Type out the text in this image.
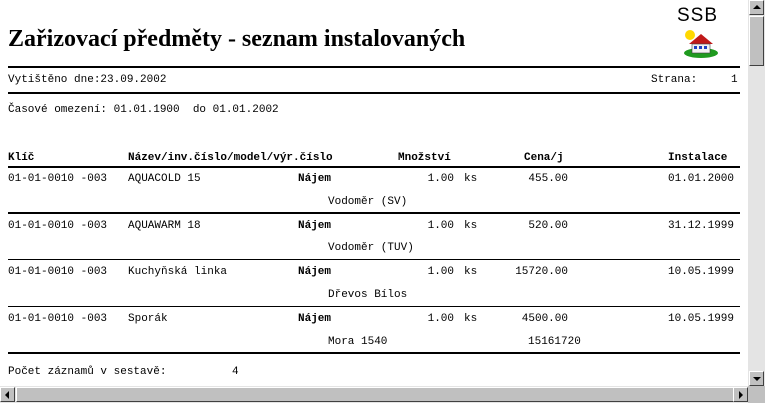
SSB
Zařizovací předměty - seznam instalovaných
Vytištěno dne:23.09.2002	Strana:	1
Časové omezení: 01.01.1900  do 01.01.2002
Klíč	Název/inv.číslo/model/výr.číslo	Množství	Cena/j	Instalace
01-01-0010 -003 AQUACOLD 15	Nájem	1.00 ks	455.00	01.01.2000
Vodoměr (SV)
01-01-0010 -003 AQUAWARM 18	Nájem	1.00 ks	520.00	31.12.1999
Vodoměr (TUV)
01-01-0010 -003 Kuchyňská linka	Nájem	1.00 ks	15720.00	10.05.1999
Dřevos Bílos
01-01-0010 -003 Sporák	Nájem	1.00 ks	4500.00	10.05.1999
Mora 1540	15161720
Počet záznamů v sestavě:	4
